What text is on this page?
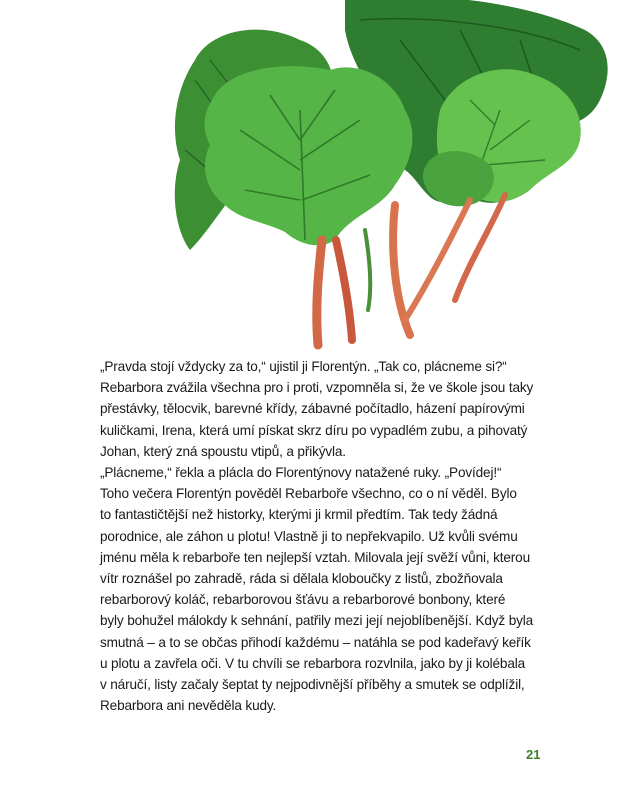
„Pravda stojí vždycky za to,“ ujistil ji Florentýn. „Tak co, plácneme si?“

Rebarbora zvážila všechna pro i proti, vzpomněla si, že ve škole jsou taky

přestávky, tělocvik, barevné křídy, zábavné počítadlo, házení papírovými

kuličkami, Irena, která umí pískat skrz díru po vypadlém zubu, a pihovatý

Johan, který zná spoustu vtipů, a přikývla.

„Plácneme,“ řekla a plácla do Florentýnovy natažené ruky. „Povídej!“

Toho večera Florentýn pověděl Rebarboře všechno, co o ní věděl. Bylo

to fantastičtější než historky, kterými ji krmil předtím. Tak tedy žádná

porodnice, ale záhon u plotu! Vlastně ji to nepřekvapilo. Už kvůli svému

jménu měla k rebarboře ten nejlepší vztah. Milovala její svěží vůni, kterou

vítr roznášel po zahradě, ráda si dělala kloboučky z listů, zbožňovala

rebarborový koláč, rebarborovou šťávu a rebarborové bonbony, které

byly bohužel málokdy k sehnání, patřily mezi její nejoblíbenější. Když byla

smutná – a to se občas přihodí každému – natáhla se pod kadeřavý keřík

u plotu a zavřela oči. V tu chvíli se rebarbora rozvlnila, jako by ji kolébala

v náručí, listy začaly šeptat ty nejpodivnější příběhy a smutek se odplížil,

Rebarbora ani nevěděla kudy.

21
